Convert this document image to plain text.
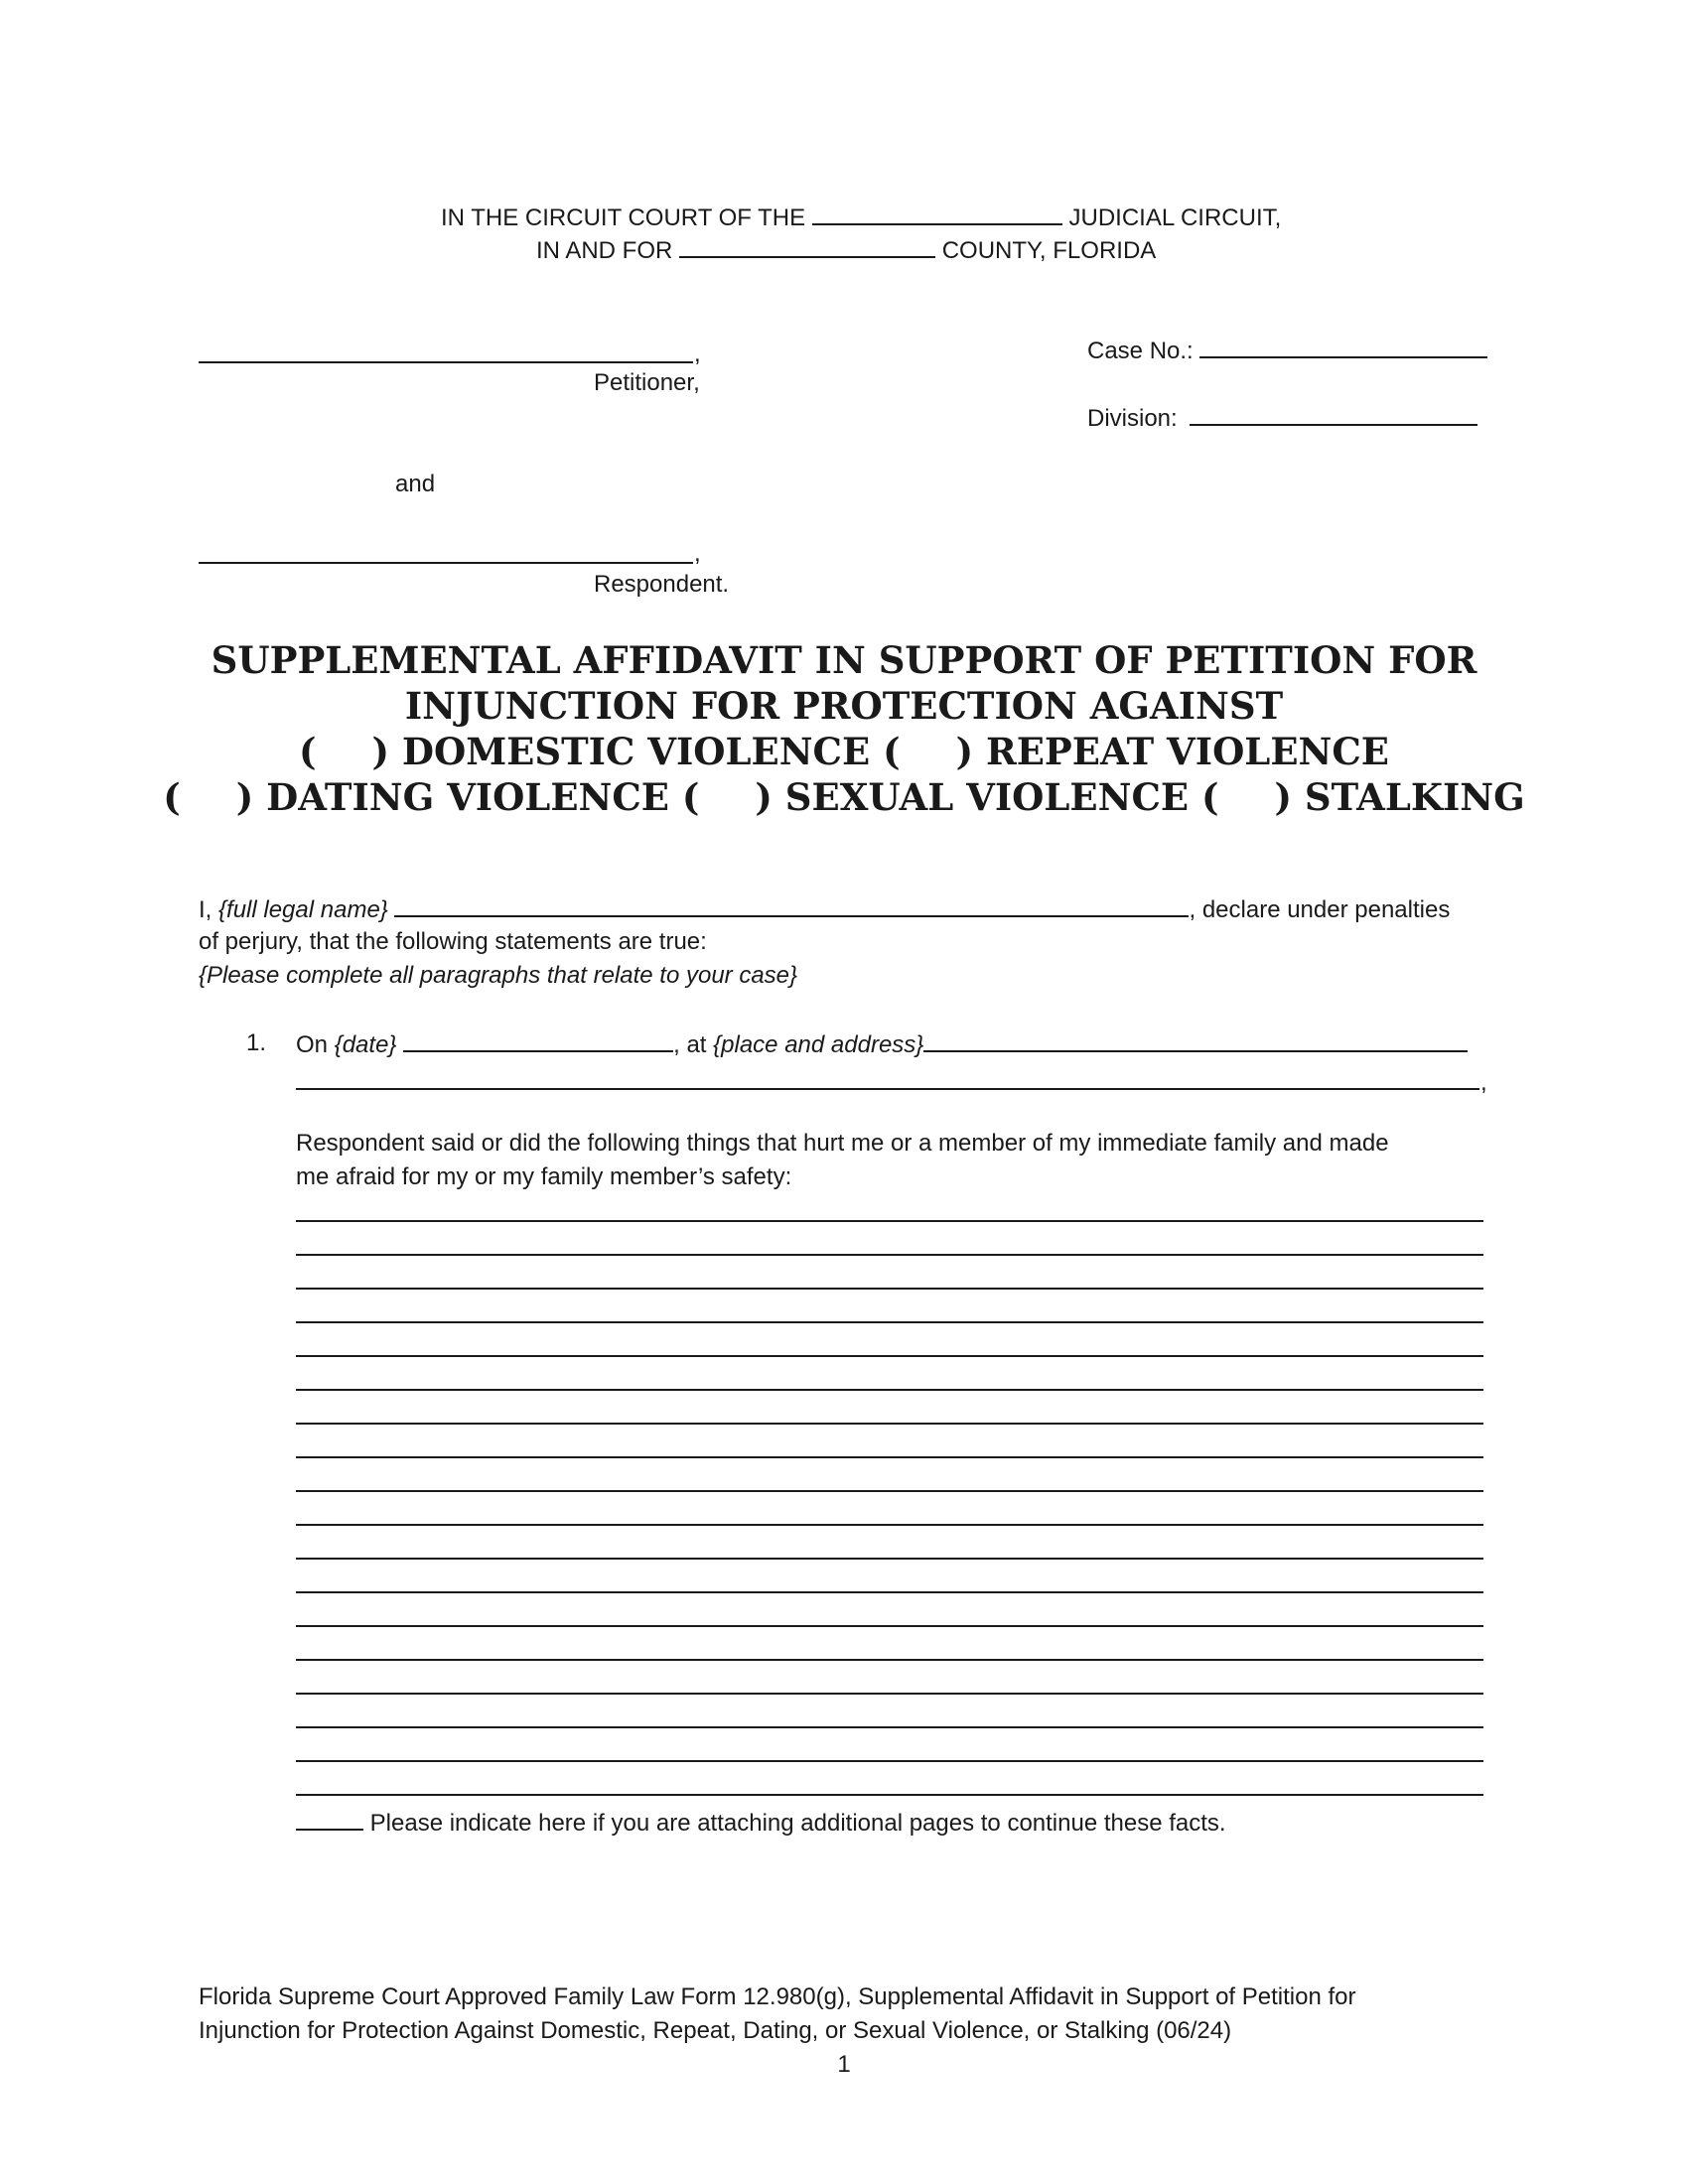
IN THE CIRCUIT COURT OF THE	JUDICIAL CIRCUIT,
IN AND FOR	COUNTY, FLORIDA
,
Petitioner,
Case No.:
Division:
and
,
Respondent.
SUPPLEMENTAL AFFIDAVIT IN SUPPORT OF PETITION FOR
INJUNCTION FOR PROTECTION AGAINST
( ) DOMESTIC VIOLENCE ( ) REPEAT VIOLENCE
( ) DATING VIOLENCE ( ) SEXUAL VIOLENCE ( ) STALKING
I, {full legal name}	, declare under penalties
of perjury, that the following statements are true:
{Please complete all paragraphs that relate to your case}
1. On {date}	, at {place and address}
,
Respondent said or did the following things that hurt me or a member of my immediate family and made
me afraid for my or my family member’s safety:
Please indicate here if you are attaching additional pages to continue these facts.
Florida Supreme Court Approved Family Law Form 12.980(g), Supplemental Affidavit in Support of Petition for
Injunction for Protection Against Domestic, Repeat, Dating, or Sexual Violence, or Stalking (06/24)
1
